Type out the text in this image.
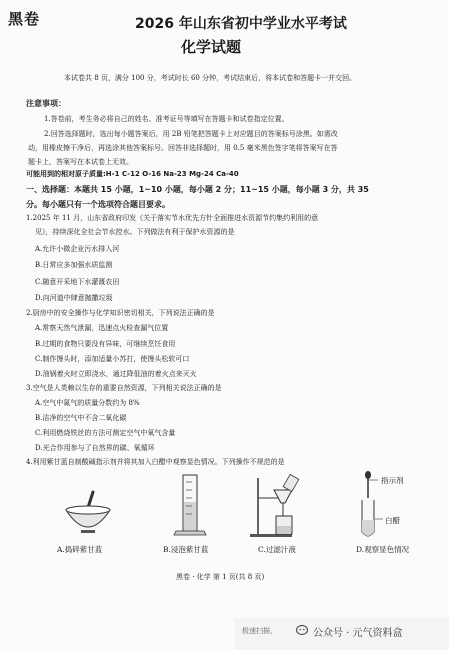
黑卷	2026 年山东省初中学业水平考试
化学试题
本试卷共 8 页，满分 100 分，考试时长 60 分钟，考试结束后，将本试卷和答题卡一并交回。
注意事项：
1.答卷前，考生务必将自己的姓名、准考证号等填写在答题卡和试卷指定位置。
2.回答选择题时，选出每小题答案后，用 2B 铅笔把答题卡上对应题目的答案标号涂黑。如需改
动，用橡皮擦干净后，再选涂其他答案标号。回答非选择题时，用 0.5 毫米黑色签字笔将答案写在答
题卡上，答案写在本试卷上无效。
可能用到的相对原子质量:H-1 C-12 O-16 Na-23 Mg-24 Ca-40
一、选择题：本题共 15 小题，1~10 小题，每小题 2 分；11~15 小题，每小题 3 分，共 35
分。每小题只有一个选项符合题目要求。
1.2025 年 11 月，山东省政府印发《关于落实节水优先方针全面推进水资源节约集约利用的意
见》，持续深化全社会节水控水。下列做法有利于保护水资源的是
A.允许小微企业污水排入河
B.日常应多加强水质监测
C.随意开采地下水灌溉农田
D.向河道中肆意抛撒垃圾
2.厨房中的安全操作与化学知识密切相关，下列说法正确的是
A.常察天然气泄漏，迅速点火检查漏气位置
B.过期的食物只要没有异味，可继续烹饪食用
C.制作馒头时，添加适量小苏打，使馒头松软可口
D.油锅着火时立即浇水，通过降低油的着火点来灭火
3.空气是人类赖以生存的重要自然资源，下列相关说法正确的是
A.空气中氮气的质量分数约为 8%
B.洁净的空气中不含二氧化碳
C.利用燃烧铁丝的方法可测定空气中氧气含量
D.光合作用参与了自然界的碳、氧循环
4.利用紫甘蓝自制酸碱指示剂并将其加入白醋中观察显色情况。下列操作不规范的是
指示剂
白醋
A.捣碎紫甘蓝	B.浸泡紫甘蓝	C.过滤汁液	D.观察显色情况
黑卷 · 化学 第 1 页(共 8 页)
极速扫描，	公众号 · 元气资料盒
